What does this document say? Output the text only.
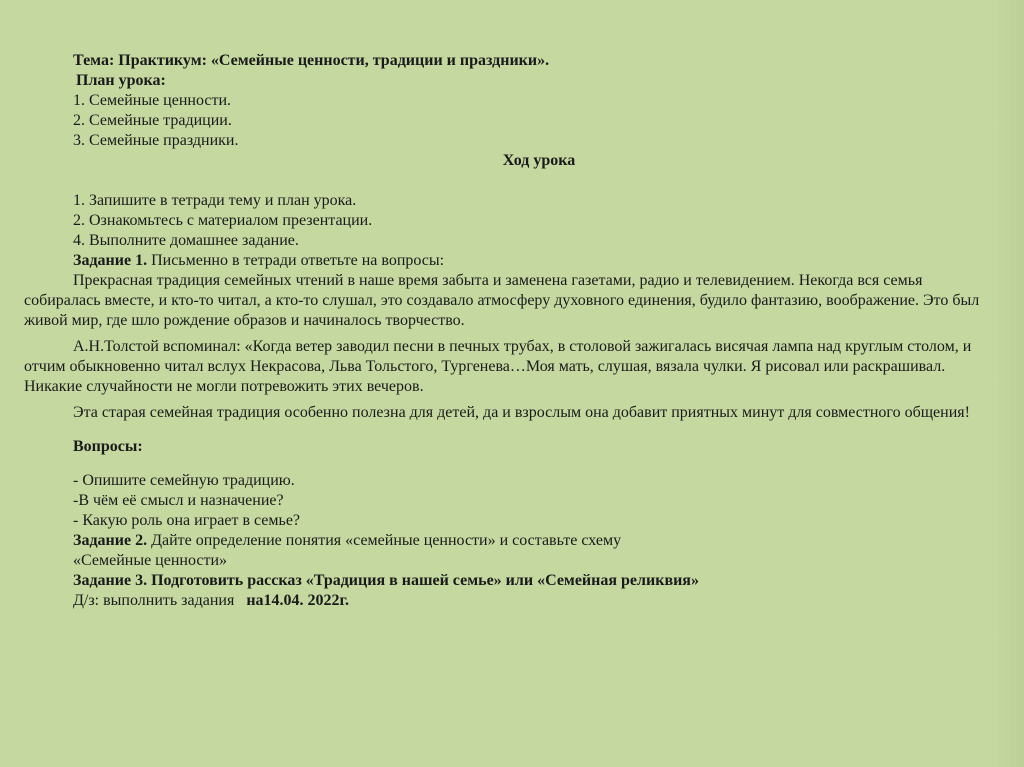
Тема: Практикум: «Семейные ценности, традиции и праздники».
План урока:
1. Семейные ценности.
2. Семейные традиции.
3. Семейные праздники.
Ход урока
1. Запишите в тетради тему и план урока.
2. Ознакомьтесь с материалом презентации.
4. Выполните домашнее задание.
Задание 1. Письменно в тетради ответьте на вопросы:
Прекрасная традиция семейных чтений в наше время забыта и заменена газетами, радио и телевидением. Некогда вся семья собиралась вместе, и кто-то читал, а кто-то слушал, это создавало атмосферу духовного единения, будило фантазию, воображение. Это был живой мир, где шло рождение образов и начиналось творчество.
А.Н.Толстой вспоминал: «Когда ветер заводил песни в печных трубах, в столовой зажигалась висячая лампа над круглым столом, и отчим обыкновенно читал вслух Некрасова, Льва Тольстого, Тургенева…Моя мать, слушая, вязала чулки. Я рисовал или раскрашивал. Никакие случайности не могли потревожить этих вечеров.
Эта старая семейная традиция особенно полезна для детей, да и взрослым она добавит приятных минут для совместного общения!
Вопросы:
- Опишите семейную традицию.
-В чём её смысл и назначение?
- Какую роль она играет в семье?
Задание 2. Дайте определение понятия «семейные ценности» и составьте схему
«Семейные ценности»
Задание 3. Подготовить рассказ «Традиция в нашей семье» или «Семейная реликвия»
Д/з: выполнить задания на14.04. 2022г.
